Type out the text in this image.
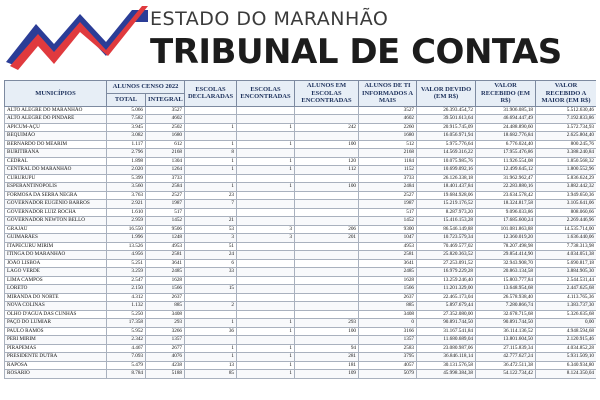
ESTADO DO MARANHÃO
TRIBUNAL DE CONTAS
MUNICÍPIOS	ALUNOS CENSO 2022		ESCOLAS DECLARADAS	ESCOLAS ENCONTRADAS	ALUNOS EM ESCOLAS ENCONTRADAS	ALUNOS DE TI INFORMADOS A MAIS	VALOR DEVIDO (EM R$)	VALOR RECEBIDO (EM R$)	VALOR RECEBIDO A MAIOR (EM R$)
	TOTAL	INTEGRAL							
ALTO ALEGRE DO MARANHÃO	5.066	3527				3527	26.393.454,72	31.906.085,18	5.512.630,46
ALTO ALEGRE DO PINDARÉ	7.582	4602				4602	39.501.613,64	46.694.447,49	7.192.833,86
APICUM-AÇU	3.945	2502	1	1	242	2260	20.915.745,09	24.488.890,60	3.572.734,93
BEQUIMÃO	3.082	1680				1680	16.056.971,94	18.682.776,84	2.625.804,40
BERNARDO DO MEARIM	1.117	612	1	1	100	512	5.975.776,64	6.776.024,40	800.245,76
BURITIRANA	2.796	2168	8			2168	14.569.316,22	17.955.476,86	3.388.240,84
CEDRAL	1.898	1304	1	1	120	1184	10.075.985,76	11.926.554,08	1.850.568,32
CENTRAL DO MARANHÃO	2.020	1264	1	1	112	1152	10.699.092,16	12.499.645,12	1.800.552,96
CURURUPU	5.399	3733				3733	26.126.338,18	31.962.962,47	5.836.624,29
ESPERANTINÓPOLIS	3.560	2584	1	1	100	2484	18.401.437,84	22.283.880,16	3.882.442,32
FORMOSA DA SERRA NEGRA	3.763	2527	23			2527	19.684.928,06	23.634.578,42	3.949.650,36
GOVERNADOR EUGÊNIO BARROS	2.921	1987	7			1987	15.219.176,52	18.324.817,58	3.105.641,06
GOVERNADOR LUIZ ROCHA	1.610	517				517	8.287.973,20	9.096.033,86	808.060,66
GOVERNADOR NEWTON BELLO	2.959	1452	21			1452	15.416.153,28	17.685.600,24	2.269.446,96
GRAJAÚ	16.550	9506	53	3	206	9300	86.546.149,88	101.081.863,88	14.535.714,00
GUIMARÃES	1.996	1248	3	3	201	1047	10.723.579,34	12.360.019,20	1.636.440,06
ITAPECURU MIRIM	13.526	4953	51			4953	70.469.577,02	78.207.498,98	7.738.313,98
ITINGA DO MARANHÃO	4.956	2581	24			2581	25.820.363,52	29.854.414,90	4.034.051,38
JOÃO LISBOA	5.251	3641	6			3641	27.253.091,52	32.943.908,70	5.690.817,18
LAGO VERDE	3.259	2485	33			2485	16.979.229,28	20.863.134,58	3.884.905,30
LIMA CAMPOS	2.547	1628				1628	13.259.246,40	15.803.777,84	2.544.531,44
LORETO	2.150	1566	15			1566	11.201.329,00	13.648.954,68	2.447.625,68
MIRANDA DO NORTE	4.312	2637				2637	22.465.173,04	26.578.938,40	4.113.765,36
NOVA COLINAS	1.132	885	2			885	5.897.679,44	7.280.866,74	1.383.737,30
OLHO D'ÁGUA DAS CUNHÃS	5.250	3408				3408	27.352.080,00	32.678.715,68	5.326.635,68
PAÇO DO LUMIAR	17.358	293	1	1	293	0	90.891.744,50	90.891.744,50	0,00
PAULO RAMOS	5.952	3266	36	1	100	3166	31.167.541,84	36.114.136,52	4.948.594,68
PERI MIRIM	2.342	1357				1357	11.680.689,04	13.801.604,50	2.120.915,46
PIRAPEMAS	4.467	2677	1	1	94	2583	23.080.987,06	27.115.839,34	4.034.852,28
PRESIDENTE DUTRA	7.093	4076	1	1	281	3795	36.846.118,14	42.777.627,24	5.931.509,10
RAPOSA	5.479	4238	13	1	181	4057	30.131.576,58	36.472.511,38	6.340.934,80
ROSÁRIO	8.784	5188	85	1	109	5079	45.998.384,38	54.122.734,42	8.124.350,04
